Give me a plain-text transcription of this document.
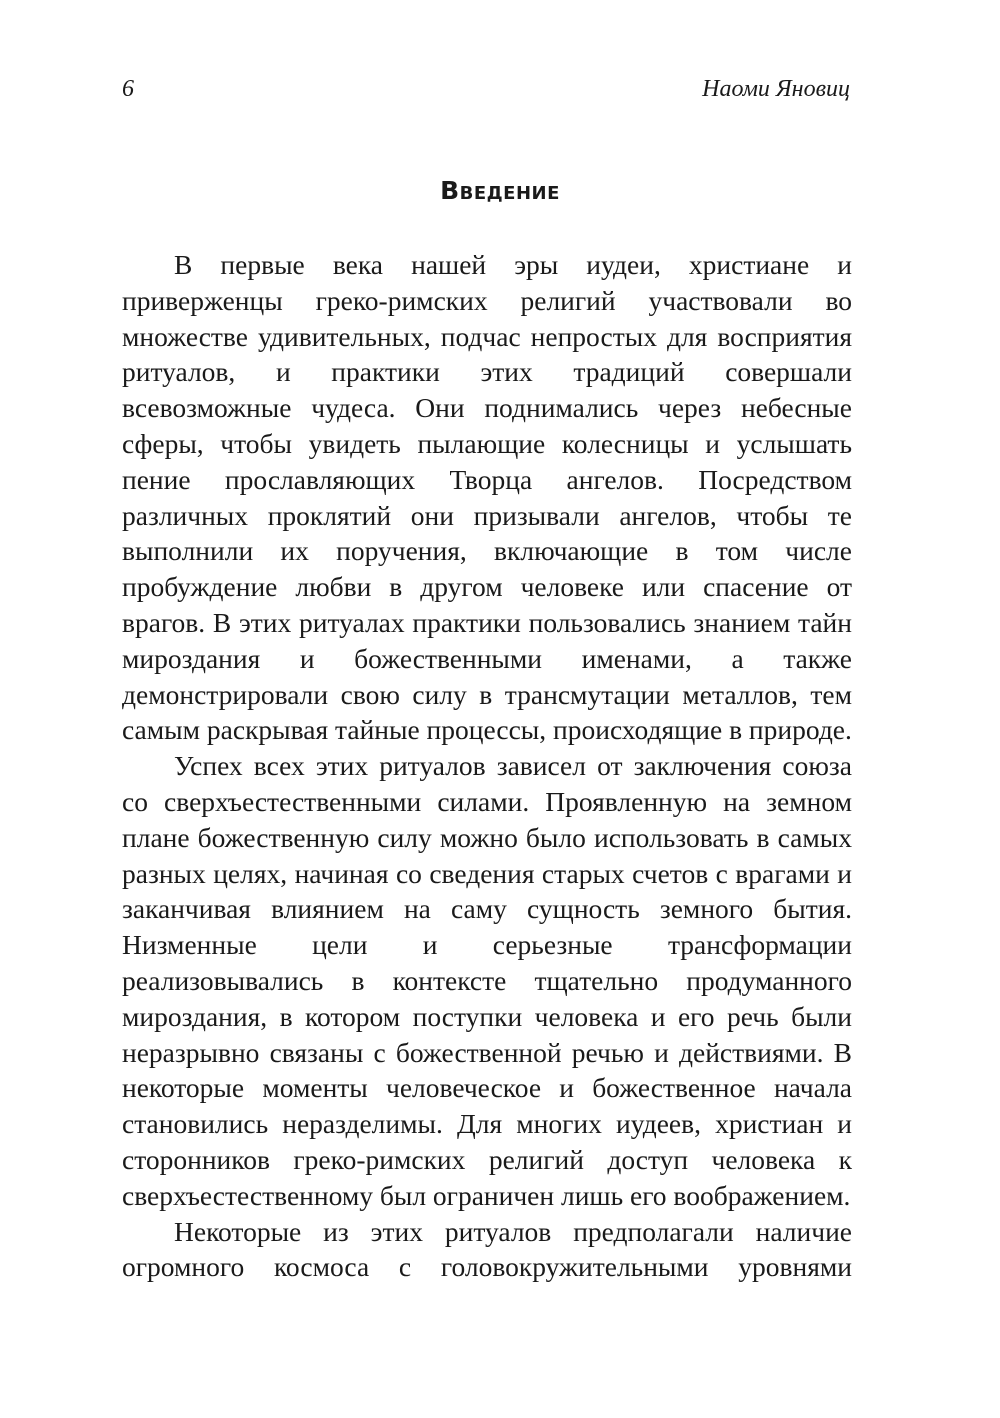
6	Наоми Яновиц
Введение

В первые века нашей эры иудеи, христиане и приверженцы греко-римских религий участвовали во множестве удивительных, подчас непростых для восприятия ритуалов, и практики этих традиций совершали всевозможные чудеса. Они поднимались через небесные сферы, чтобы увидеть пылающие колесницы и услышать пение прославляющих Творца ангелов. Посредством различных проклятий они призывали ангелов, чтобы те выполнили их поручения, включающие в том числе пробуждение любви в другом человеке или спасение от врагов. В этих ритуалах практики пользовались знанием тайн мироздания и божественными именами, а также демонстрировали свою силу в трансмутации металлов, тем самым раскрывая тайные процессы, происходящие в природе.

Успех всех этих ритуалов зависел от заключения союза со сверхъестественными силами. Проявленную на земном плане божественную силу можно было использовать в самых разных целях, начиная со сведения старых счетов с врагами и заканчивая влиянием на саму сущность земного бытия. Низменные цели и серьезные трансформации реализовывались в контексте тщательно продуманного мироздания, в котором поступки человека и его речь были неразрывно связаны с божественной речью и действиями. В некоторые моменты человеческое и божественное начала становились неразделимы. Для многих иудеев, христиан и сторонников греко-римских религий доступ человека к сверхъестественному был ограничен лишь его воображением.

Некоторые из этих ритуалов предполагали наличие огромного космоса с головокружительными уровнями
